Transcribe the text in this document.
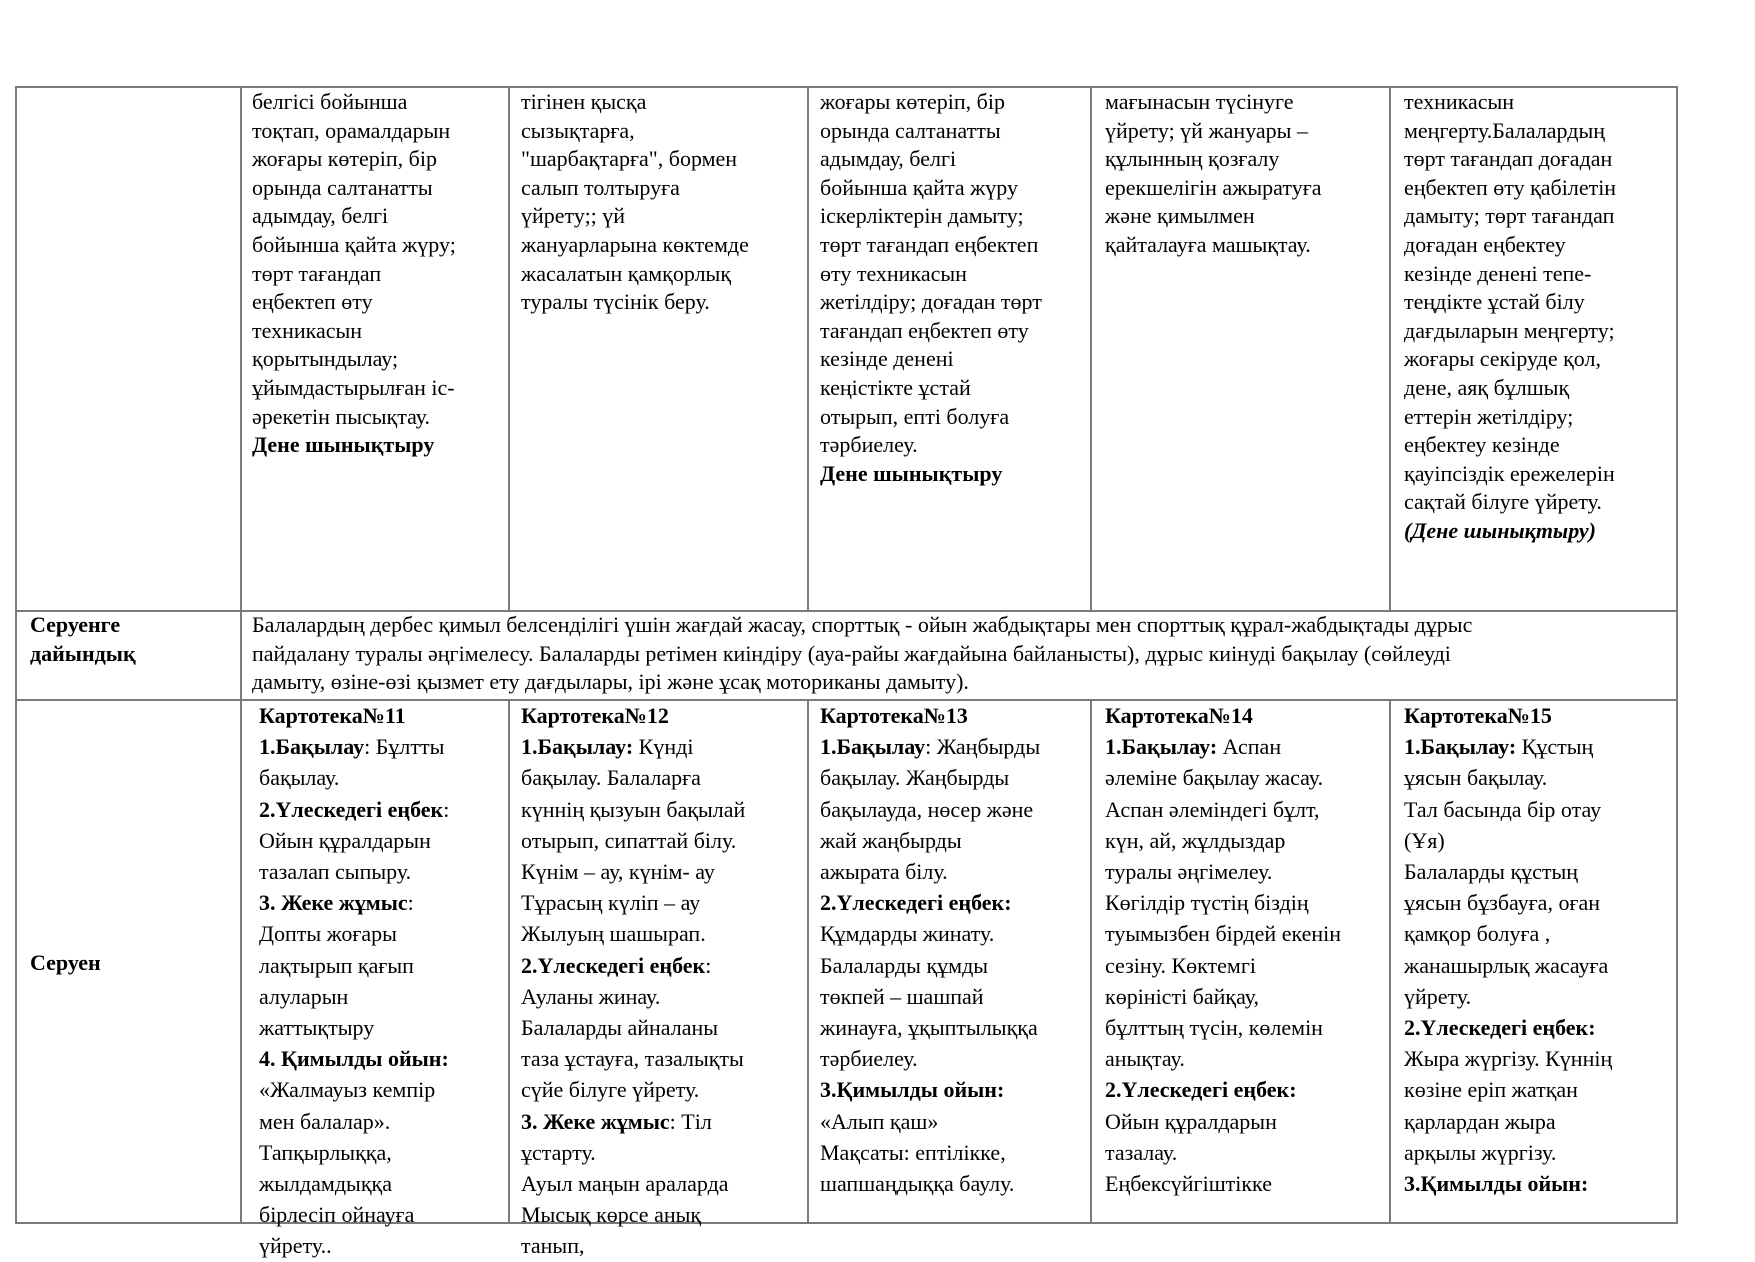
белгісі бойынша
тоқтап, орамалдарын
жоғары көтеріп, бір
орында салтанатты
адымдау, белгі
бойынша қайта жүру;
төрт тағандап
еңбектеп өту
техникасын
қорытындылау;
ұйымдастырылған іс-
әрекетін пысықтау.
Дене шынықтыру
тігінен қысқа
сызықтарға,
"шарбақтарға", бормен
салып толтыруға
үйрету;; үй
жануарларына көктемде
жасалатын қамқорлық
туралы түсінік беру.
жоғары көтеріп, бір
орында салтанатты
адымдау, белгі
бойынша қайта жүру
іскерліктерін дамыту;
төрт тағандап еңбектеп
өту техникасын
жетілдіру; доғадан төрт
тағандап еңбектеп өту
кезінде денені
кеңістікте ұстай
отырып, епті болуға
тәрбиелеу.
Дене шынықтыру
мағынасын түсінуге
үйрету; үй жануары –
құлынның қозғалу
ерекшелігін ажыратуға
және қимылмен
қайталауға машықтау.
техникасын
меңгерту.Балалардың
төрт тағандап доғадан
еңбектеп өту қабілетін
дамыту; төрт тағандап
доғадан еңбектеу
кезінде денені тепе-
теңдікте ұстай білу
дағдыларын меңгерту;
жоғары секіруде қол,
дене, аяқ бұлшық
еттерін жетілдіру;
еңбектеу кезінде
қауіпсіздік ережелерін
сақтай білуге үйрету.
(Дене шынықтыру)
Серуенге
дайындық
Балалардың дербес қимыл белсенділігі үшін жағдай жасау, спорттық - ойын жабдықтары мен спорттық құрал-жабдықтады дұрыс
пайдалану туралы әңгімелесу. Балаларды ретімен киіндіру (ауа-райы жағдайына байланысты), дұрыс киінуді бақылау (сөйлеуді
дамыту, өзіне-өзі қызмет ету дағдылары, ірі және ұсақ моториканы дамыту).
Серуен
Картотека№11
1.Бақылау: Бұлтты
бақылау.
2.Үлескедегі еңбек:
Ойын құралдарын
тазалап сыпыру.
3. Жеке жұмыс:
Допты жоғары
лақтырып қағып
алуларын
жаттықтыру
4. Қимылды ойын:
«Жалмауыз кемпір
мен балалар».
Тапқырлыққа,
жылдамдыққа
бірлесіп ойнауға
үйрету..
Картотека№12
1.Бақылау: Күнді
бақылау. Балаларға
күннің қызуын бақылай
отырып, сипаттай білу.
Күнім – ау, күнім- ау
Тұрасың күліп – ау
Жылуың шашырап.
2.Үлескедегі еңбек:
Ауланы жинау.
Балаларды айналаны
таза ұстауға, тазалықты
сүйе білуге үйрету.
3. Жеке жұмыс: Тіл
ұстарту.
Ауыл маңын араларда
Мысық көрсе анық
танып,
Картотека№13
1.Бақылау: Жаңбырды
бақылау. Жаңбырды
бақылауда, нөсер және
жай жаңбырды
ажырата білу.
2.Үлескедегі еңбек:
Құмдарды жинату.
Балаларды құмды
төкпей – шашпай
жинауға, ұқыптылыққа
тәрбиелеу.
3.Қимылды ойын:
«Алып қаш»
Мақсаты: ептілікке,
шапшаңдыққа баулу.
Картотека№14
1.Бақылау: Аспан
әлеміне бақылау жасау.
Аспан әлеміндегі бұлт,
күн, ай, жұлдыздар
туралы әңгімелеу.
Көгілдір түстің біздің
туымызбен бірдей екенін
сезіну. Көктемгі
көріністі байқау,
бұлттың түсін, көлемін
анықтау.
2.Үлескедегі еңбек:
Ойын құралдарын
тазалау.
Еңбексүйгіштікке
Картотека№15
1.Бақылау: Құстың
ұясын бақылау.
Тал басында бір отау
(Ұя)
Балаларды құстың
ұясын бұзбауға, оған
қамқор болуға ,
жанашырлық жасауға
үйрету.
2.Үлескедегі еңбек:
Жыра жүргізу. Күннің
көзіне еріп жатқан
қарлардан жыра
арқылы жүргізу.
3.Қимылды ойын:
